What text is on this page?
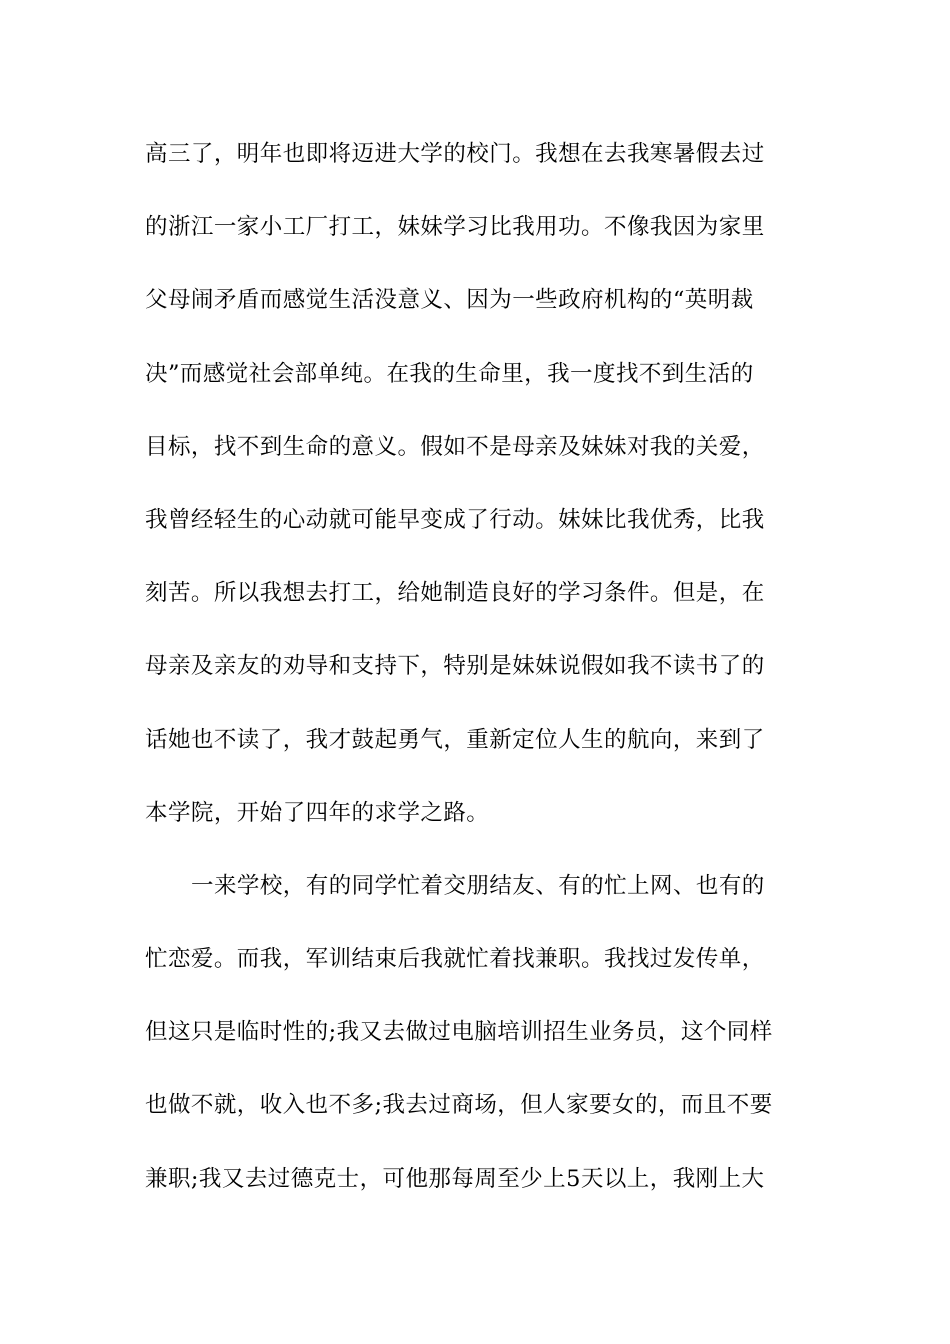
高三了，明年也即将迈进大学的校门。我想在去我寒暑假去过
的浙江一家小工厂打工，妹妹学习比我用功。不像我因为家里
父母闹矛盾而感觉生活没意义、因为一些政府机构的“英明裁
决”而感觉社会部单纯。在我的生命里，我一度找不到生活的
目标，找不到生命的意义。假如不是母亲及妹妹对我的关爱，
我曾经轻生的心动就可能早变成了行动。妹妹比我优秀，比我
刻苦。所以我想去打工，给她制造良好的学习条件。但是，在
母亲及亲友的劝导和支持下，特别是妹妹说假如我不读书了的
话她也不读了，我才鼓起勇气，重新定位人生的航向，来到了
本学院，开始了四年的求学之路。
一来学校，有的同学忙着交朋结友、有的忙上网、也有的
忙恋爱。而我，军训结束后我就忙着找兼职。我找过发传单，
但这只是临时性的;我又去做过电脑培训招生业务员，这个同样
也做不就，收入也不多;我去过商场，但人家要女的，而且不要
兼职;我又去过德克士，可他那每周至少上5天以上，我刚上大
